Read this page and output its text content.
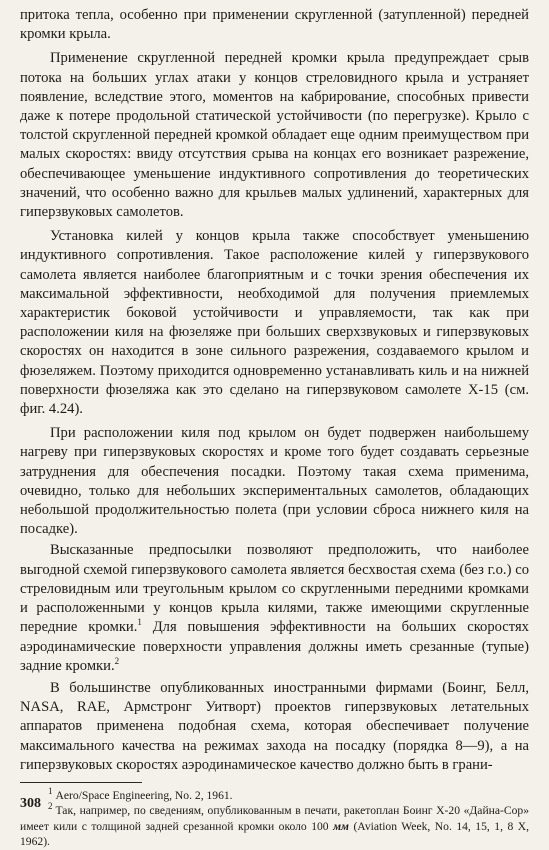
притока тепла, особенно при применении скругленной (затупленной) передней кромки крыла.

Применение скругленной передней кромки крыла предупреждает срыв потока на больших углах атаки у концов стреловидного крыла и устраняет появление, вследствие этого, моментов на кабрирование, способных привести даже к потере продольной статической устойчивости (по перегрузке). Крыло с толстой скругленной передней кромкой обладает еще одним преимуществом при малых скоростях: ввиду отсутствия срыва на концах его возникает разрежение, обеспечивающее уменьшение индуктивного сопротивления до теоретических значений, что особенно важно для крыльев малых удлинений, характерных для гиперзвуковых самолетов.

Установка килей у концов крыла также способствует уменьшению индуктивного сопротивления. Такое расположение килей у гиперзвукового самолета является наиболее благоприятным и с точки зрения обеспечения их максимальной эффективности, необходимой для получения приемлемых характеристик боковой устойчивости и управляемости, так как при расположении киля на фюзеляже при больших сверхзвуковых и гиперзвуковых скоростях он находится в зоне сильного разрежения, создаваемого крылом и фюзеляжем. Поэтому приходится одновременно устанавливать киль и на нижней поверхности фюзеляжа как это сделано на гиперзвуковом самолете Х-15 (см. фиг. 4.24).

При расположении киля под крылом он будет подвержен наибольшему нагреву при гиперзвуковых скоростях и кроме того будет создавать серьезные затруднения для обеспечения посадки. Поэтому такая схема применима, очевидно, только для небольших экспериментальных самолетов, обладающих небольшой продолжительностью полета (при условии сброса нижнего киля на посадке).

Высказанные предпосылки позволяют предположить, что наиболее выгодной схемой гиперзвукового самолета является бесхвостая схема (без г.о.) со стреловидным или треугольным крылом со скругленными передними кромками и расположенными у концов крыла килями, также имеющими скругленные передние кромки.$^1$ Для повышения эффективности на больших скоростях аэродинамические поверхности управления должны иметь срезанные (тупые) задние кромки.$^2$

В большинстве опубликованных иностранными фирмами (Боинг, Белл, NASA, RAE, Армстронг Уитворт) проектов гиперзвуковых летательных аппаратов применена подобная схема, которая обеспечивает получение максимального качества на режимах захода на посадку (порядка 8—9), а на гиперзвуковых скоростях аэродинамическое качество должно быть в грани-

$^1$ Aero/Space Engineering, No. 2, 1961.

$^2$ Так, например, по сведениям, опубликованным в печати, ракетоплан Боинг Х-20 «Дайна-Сор» имеет кили с толщиной задней срезанной кромки около 100 мм (Aviation Week, No. 14, 15, 1, 8 X, 1962).

308
